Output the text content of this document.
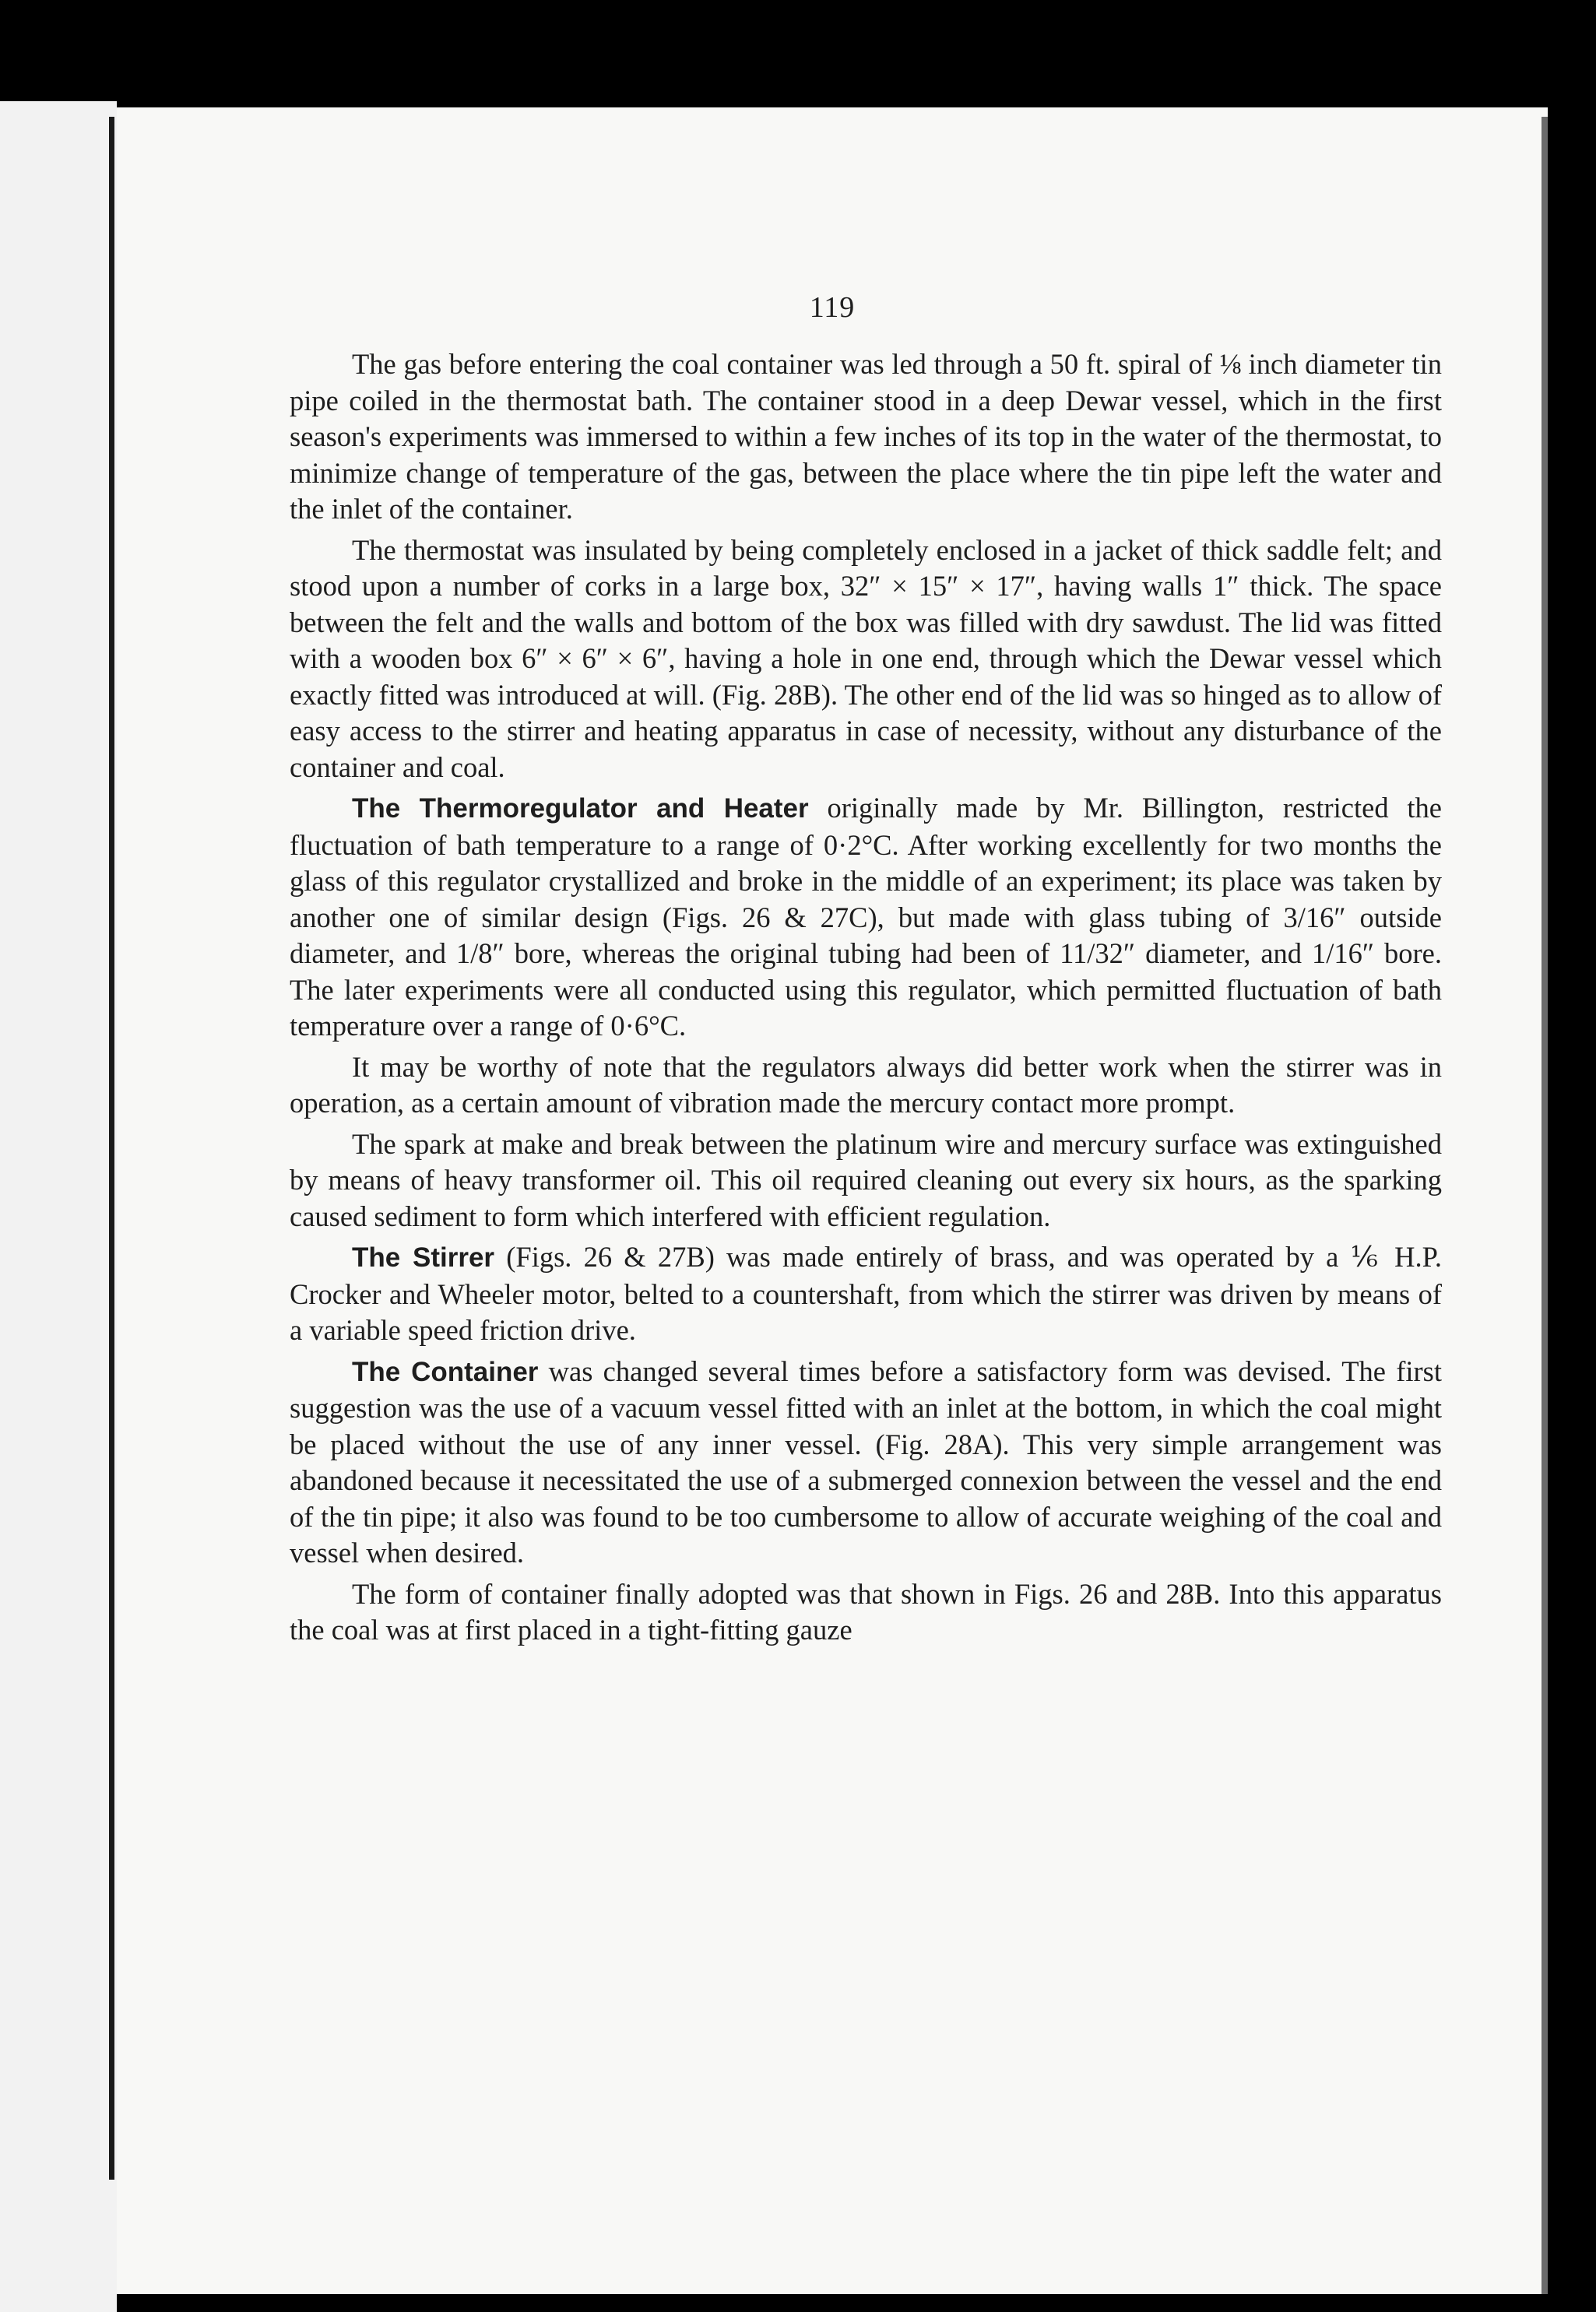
119

The gas before entering the coal container was led through a 50 ft. spiral of ⅛ inch diameter tin pipe coiled in the thermostat bath. The container stood in a deep Dewar vessel, which in the first season's experiments was immersed to within a few inches of its top in the water of the thermostat, to minimize change of temperature of the gas, between the place where the tin pipe left the water and the inlet of the container.

The thermostat was insulated by being completely enclosed in a jacket of thick saddle felt; and stood upon a number of corks in a large box, 32″ × 15″ × 17″, having walls 1″ thick. The space between the felt and the walls and bottom of the box was filled with dry sawdust. The lid was fitted with a wooden box 6″ × 6″ × 6″, having a hole in one end, through which the Dewar vessel which exactly fitted was introduced at will. (Fig. 28B). The other end of the lid was so hinged as to allow of easy access to the stirrer and heating apparatus in case of necessity, without any disturbance of the container and coal.

The Thermoregulator and Heater originally made by Mr. Billington, restricted the fluctuation of bath temperature to a range of 0·2°C. After working excellently for two months the glass of this regulator crystallized and broke in the middle of an experiment; its place was taken by another one of similar design (Figs. 26 & 27C), but made with glass tubing of 3/16″ outside diameter, and 1/8″ bore, whereas the original tubing had been of 11/32″ diameter, and 1/16″ bore. The later experiments were all conducted using this regulator, which permitted fluctuation of bath temperature over a range of 0·6°C.

It may be worthy of note that the regulators always did better work when the stirrer was in operation, as a certain amount of vibration made the mercury contact more prompt.

The spark at make and break between the platinum wire and mercury surface was extinguished by means of heavy transformer oil. This oil required cleaning out every six hours, as the sparking caused sediment to form which interfered with efficient regulation.

The Stirrer (Figs. 26 & 27B) was made entirely of brass, and was operated by a ⅙ H.P. Crocker and Wheeler motor, belted to a countershaft, from which the stirrer was driven by means of a variable speed friction drive.

The Container was changed several times before a satisfactory form was devised. The first suggestion was the use of a vacuum vessel fitted with an inlet at the bottom, in which the coal might be placed without the use of any inner vessel. (Fig. 28A). This very simple arrangement was abandoned because it necessitated the use of a submerged connexion between the vessel and the end of the tin pipe; it also was found to be too cumbersome to allow of accurate weighing of the coal and vessel when desired.

The form of container finally adopted was that shown in Figs. 26 and 28B. Into this apparatus the coal was at first placed in a tight-fitting gauze
